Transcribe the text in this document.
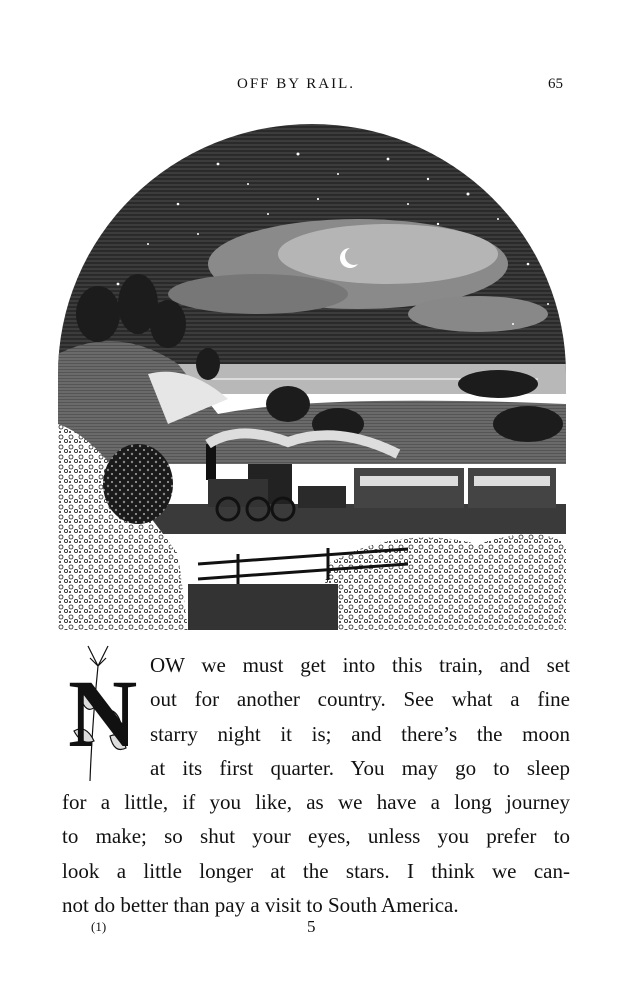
OFF BY RAIL.	65
N OW we must get into this train, and set
out for another country. See what a fine
starry night it is; and there’s the moon
at its first quarter. You may go to sleep
for a little, if you like, as we have a long journey
to make; so shut your eyes, unless you prefer to
look a little longer at the stars. I think we can-
not do better than pay a visit to South America.
(1)	5
